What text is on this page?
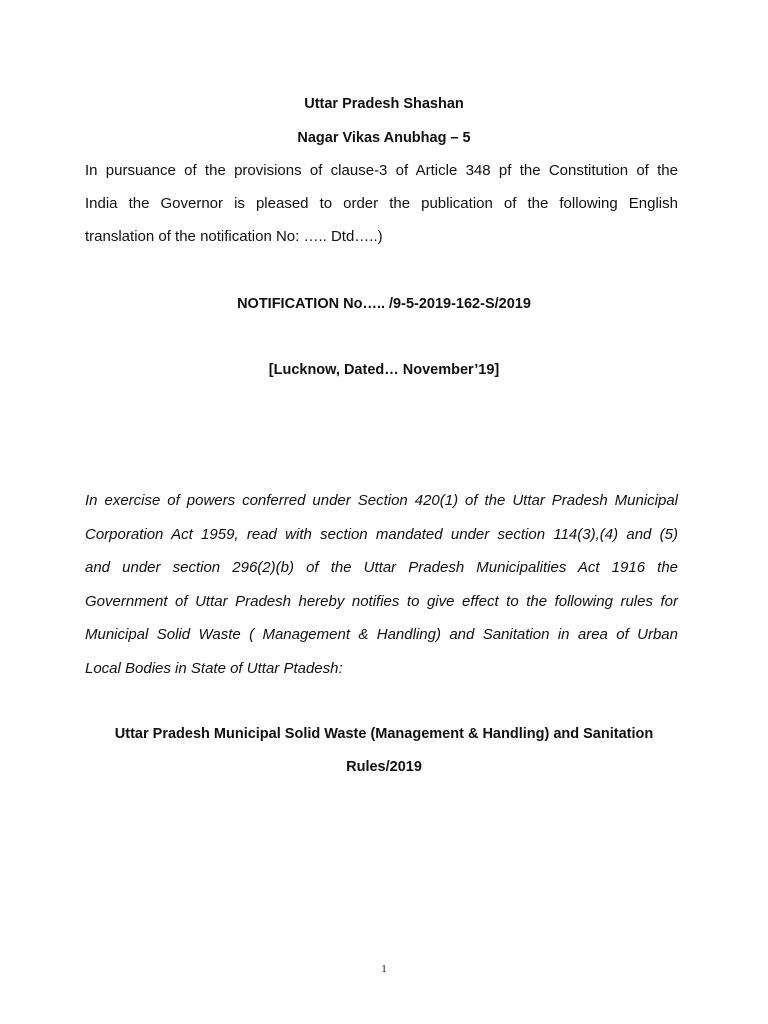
Uttar Pradesh Shashan

Nagar Vikas Anubhag – 5

In pursuance of the provisions of clause-3 of Article 348 pf the Constitution of the
India the Governor is pleased to order the publication of the following English
translation of the notification No: ….. Dtd…..)

NOTIFICATION No….. /9-5-2019-162-S/2019

[Lucknow, Dated… November’19]

In exercise of powers conferred under Section 420(1) of the Uttar Pradesh Municipal
Corporation Act 1959, read with section mandated under section 114(3),(4) and (5)
and under section 296(2)(b) of the Uttar Pradesh Municipalities Act 1916 the
Government of Uttar Pradesh hereby notifies to give effect to the following rules for
Municipal Solid Waste ( Management & Handling) and Sanitation in area of Urban
Local Bodies in State of Uttar Ptadesh:
Uttar Pradesh Municipal Solid Waste (Management & Handling) and Sanitation
Rules/2019

1
